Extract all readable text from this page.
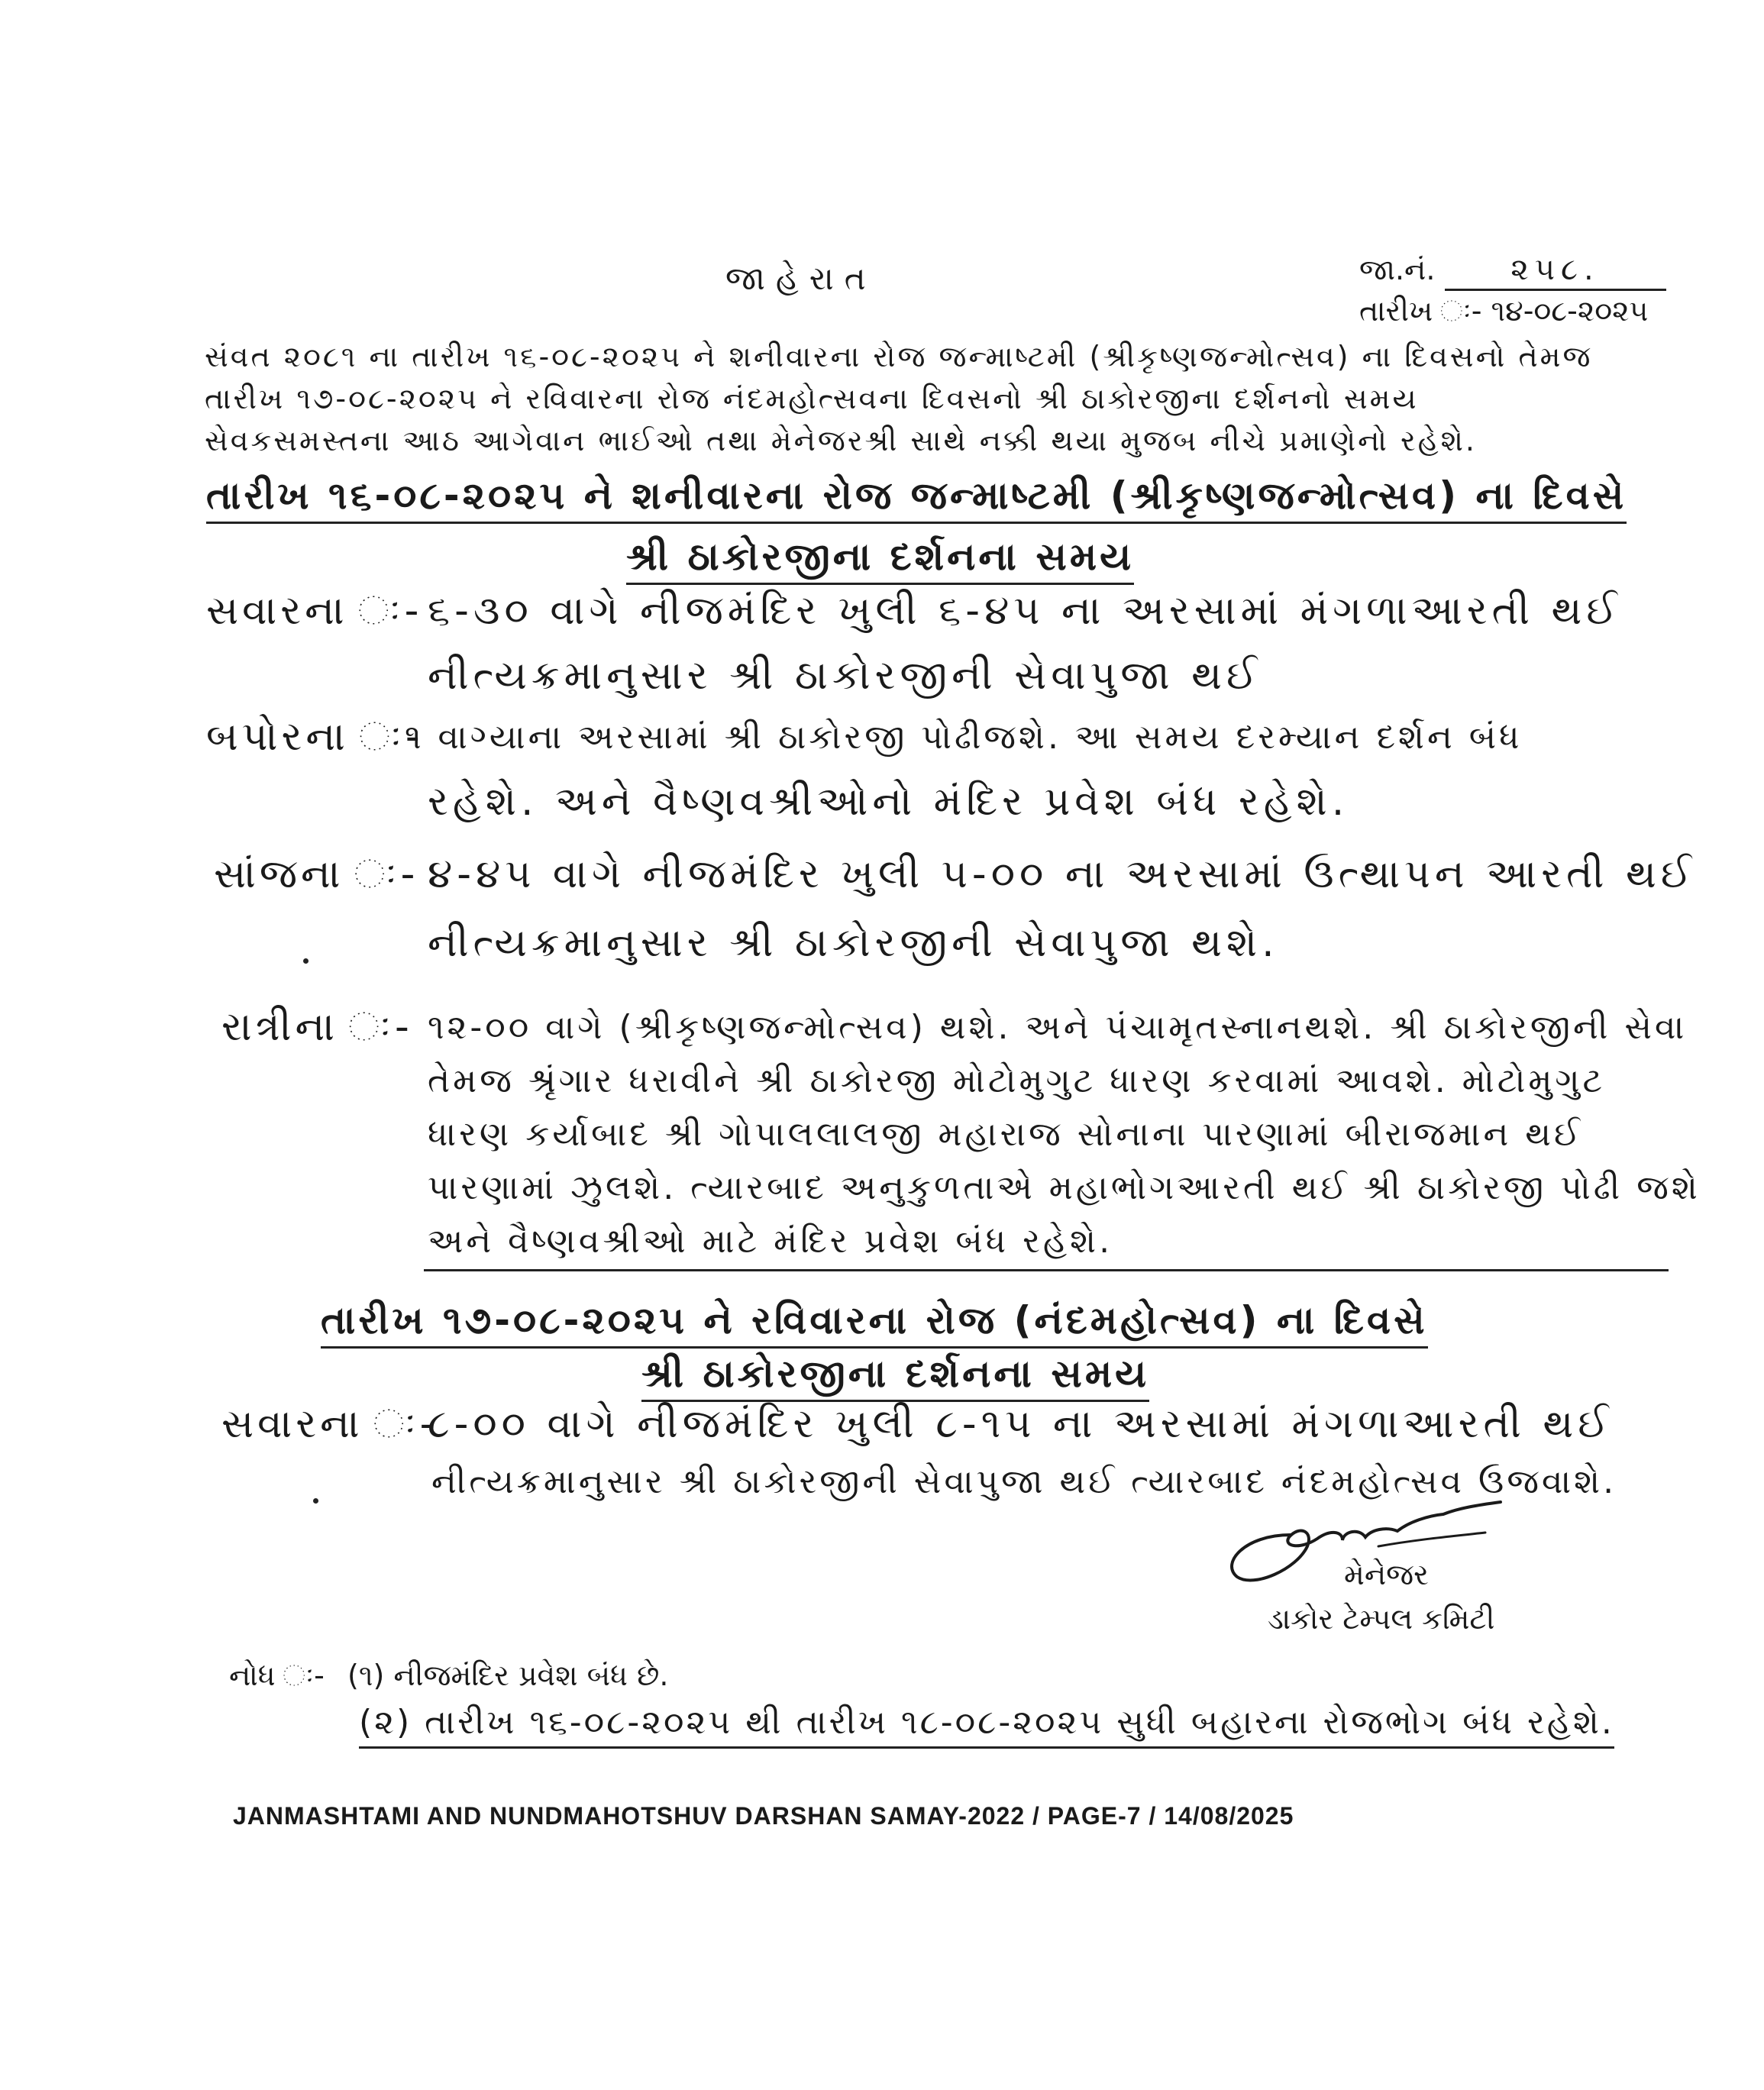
જાહેરાત	જા.નં. ૨૫૮.
તારીખ ઃ- ૧૪-૦૮-૨૦૨૫
સંવત ૨૦૮૧ ના તારીખ ૧૬-૦૮-૨૦૨૫ ને શનીવારના રોજ જન્માષ્ટમી (શ્રીકૃષ્ણજન્મોત્સવ) ના દિવસનો તેમજ
તારીખ ૧૭-૦૮-૨૦૨૫ ને રવિવારના રોજ નંદમહોત્સવના દિવસનો શ્રી ઠાકોરજીના દર્શનનો સમય
સેવકસમસ્તના આઠ આગેવાન ભાઈઓ તથા મેનેજરશ્રી સાથે નક્કી થયા મુજબ નીચે પ્રમાણેનો રહેશે.
તારીખ ૧૬-૦૮-૨૦૨૫ ને શનીવારના રોજ જન્માષ્ટમી (શ્રીકૃષ્ણજન્મોત્સવ) ના દિવસે
શ્રી ઠાકોરજીના દર્શનના સમય
સવારના ઃ- ૬-૩૦ વાગે નીજમંદિર ખુલી ૬-૪૫ ના અરસામાં મંગળાઆરતી થઈ
નીત્યક્રમાનુસાર શ્રી ઠાકોરજીની સેવાપુજા થઈ
બપોરના ઃ-
૧ વાગ્યાના અરસામાં શ્રી ઠાકોરજી પોઢીજશે. આ સમય દરમ્યાન દર્શન બંધ
રહેશે. અને વૈષ્ણવશ્રીઓનો મંદિર પ્રવેશ બંધ રહેશે.
સાંજના ઃ- ૪-૪૫ વાગે નીજમંદિર ખુલી ૫-૦૦ ના અરસામાં ઉત્થાપન આરતી થઈ
નીત્યક્રમાનુસાર શ્રી ઠાકોરજીની સેવાપુજા થશે.
રાત્રીના ઃ- ૧૨-૦૦ વાગે (શ્રીકૃષ્ણજન્મોત્સવ) થશે. અને પંચામૃતસ્નાનથશે. શ્રી ઠાકોરજીની સેવા
તેમજ શ્રૃંગાર ધરાવીને શ્રી ઠાકોરજી મોટોમુગુટ ધારણ કરવામાં આવશે. મોટોમુગુટ
ધારણ કર્યાબાદ શ્રી ગોપાલલાલજી મહારાજ સોનાના પારણામાં બીરાજમાન થઈ
પારણામાં ઝુલશે. ત્યારબાદ અનુકુળતાએ મહાભોગઆરતી થઈ શ્રી ઠાકોરજી પોઢી જશે
અને વૈષ્ણવશ્રીઓ માટે મંદિર પ્રવેશ બંધ રહેશે.
તારીખ ૧૭-૦૮-૨૦૨૫ ને રવિવારના રોજ (નંદમહોત્સવ) ના દિવસે
શ્રી ઠાકોરજીના દર્શનના સમય
સવારના ઃ-
૮-૦૦ વાગે નીજમંદિર ખુલી ૮-૧૫ ના અરસામાં મંગળાઆરતી થઈ
નીત્યક્રમાનુસાર શ્રી ઠાકોરજીની સેવાપુજા થઈ ત્યારબાદ નંદમહોત્સવ ઉજવાશે.
મેનેજર
ડાકોર ટેમ્પલ કમિટી
નોધ ઃ- (૧) નીજમંદિર પ્રવેશ બંધ છે.
(૨) તારીખ ૧૬-૦૮-૨૦૨૫ થી તારીખ ૧૮-૦૮-૨૦૨૫ સુધી બહારના રોજભોગ બંધ રહેશે.
JANMASHTAMI AND NUNDMAHOTSHUV DARSHAN SAMAY-2022 / PAGE-7 / 14/08/2025
